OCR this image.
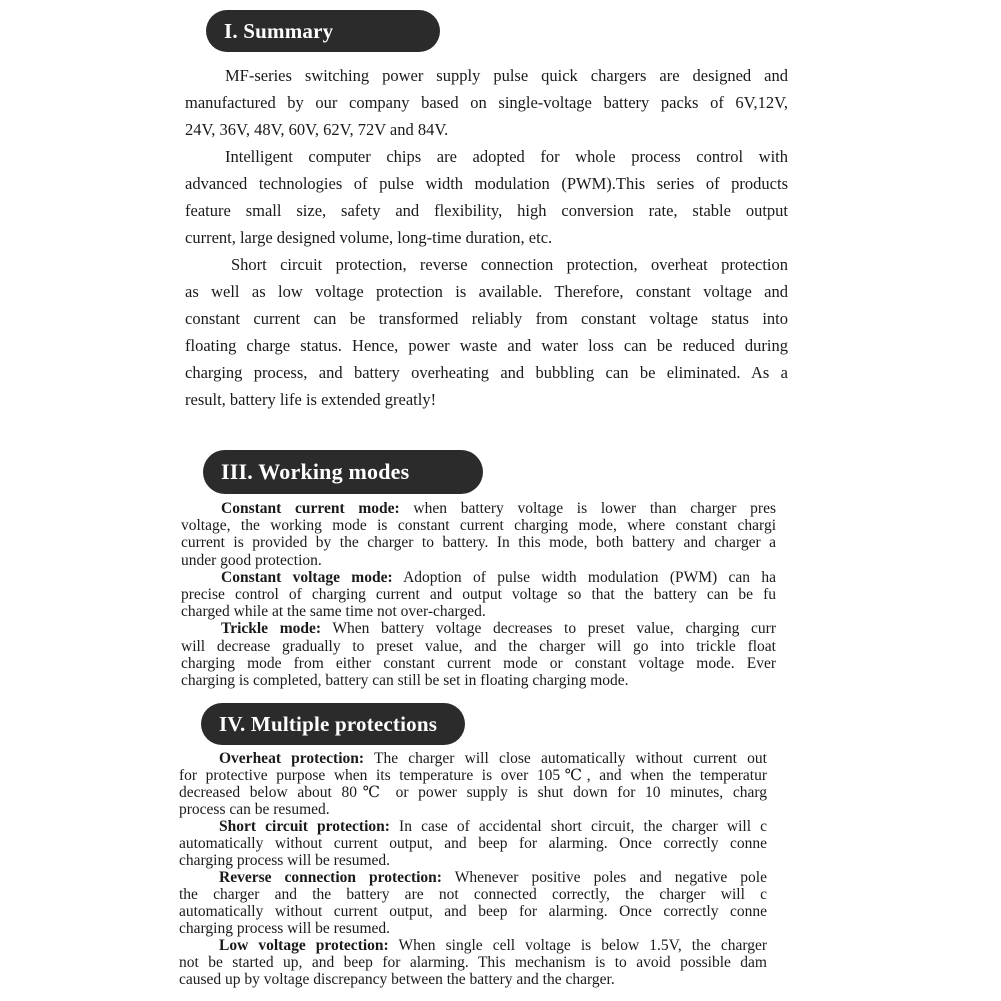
I. Summary
MF-series switching power supply pulse quick chargers are designed and
manufactured by our company based on single-voltage battery packs of 6V,12V,
24V, 36V, 48V, 60V, 62V, 72V and 84V.
Intelligent computer chips are adopted for whole process control with
advanced technologies of pulse width modulation (PWM).This series of products
feature small size, safety and flexibility, high conversion rate, stable output
current, large designed volume, long-time duration, etc.
Short circuit protection, reverse connection protection, overheat protection
as well as low voltage protection is available. Therefore, constant voltage and
constant current can be transformed reliably from constant voltage status into
floating charge status. Hence, power waste and water loss can be reduced during
charging process, and battery overheating and bubbling can be eliminated. As a
result, battery life is extended greatly!
III. Working modes
Constant current mode: when battery voltage is lower than charger pres
voltage, the working mode is constant current charging mode, where constant chargi
current is provided by the charger to battery. In this mode, both battery and charger a
under good protection.
Constant voltage mode: Adoption of pulse width modulation (PWM) can ha
precise control of charging current and output voltage so that the battery can be fu
charged while at the same time not over-charged.
Trickle mode: When battery voltage decreases to preset value, charging curr
will decrease gradually to preset value, and the charger will go into trickle float
charging mode from either constant current mode or constant voltage mode. Ever
charging is completed, battery can still be set in floating charging mode.
IV. Multiple protections
Overheat protection: The charger will close automatically without current out
for protective purpose when its temperature is over 105℃, and when the temperatur
decreased below about 80℃ or power supply is shut down for 10 minutes, charg
process can be resumed.
Short circuit protection: In case of accidental short circuit, the charger will c
automatically without current output, and beep for alarming. Once correctly conne
charging process will be resumed.
Reverse connection protection: Whenever positive poles and negative pole
the charger and the battery are not connected correctly, the charger will c
automatically without current output, and beep for alarming. Once correctly conne
charging process will be resumed.
Low voltage protection: When single cell voltage is below 1.5V, the charger
not be started up, and beep for alarming. This mechanism is to avoid possible dam
caused up by voltage discrepancy between the battery and the charger.
